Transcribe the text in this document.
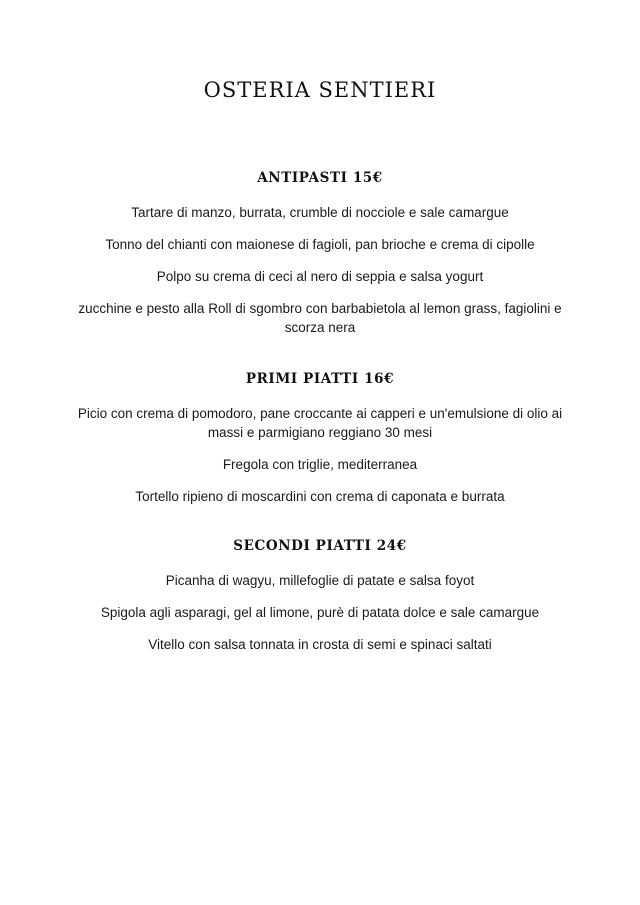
OSTERIA SENTIERI
ANTIPASTI 15€
Tartare di manzo, burrata, crumble di nocciole e sale camargue
Tonno del chianti con maionese di fagioli, pan brioche e crema di cipolle
Polpo su crema di ceci al nero di seppia e salsa yogurt
zucchine e pesto alla Roll di sgombro con barbabietola al lemon grass, fagiolini e scorza nera
PRIMI PIATTI 16€
Picio con crema di pomodoro, pane croccante ai capperi e un'emulsione di olio ai massi e parmigiano reggiano 30 mesi
Fregola con triglie, mediterranea
Tortello ripieno di moscardini con crema di caponata e burrata
SECONDI PIATTI 24€
Picanha di wagyu, millefoglie di patate e salsa foyot
Spigola agli asparagi, gel al limone, purè di patata dolce e sale camargue
Vitello con salsa tonnata in crosta di semi e spinaci saltati
